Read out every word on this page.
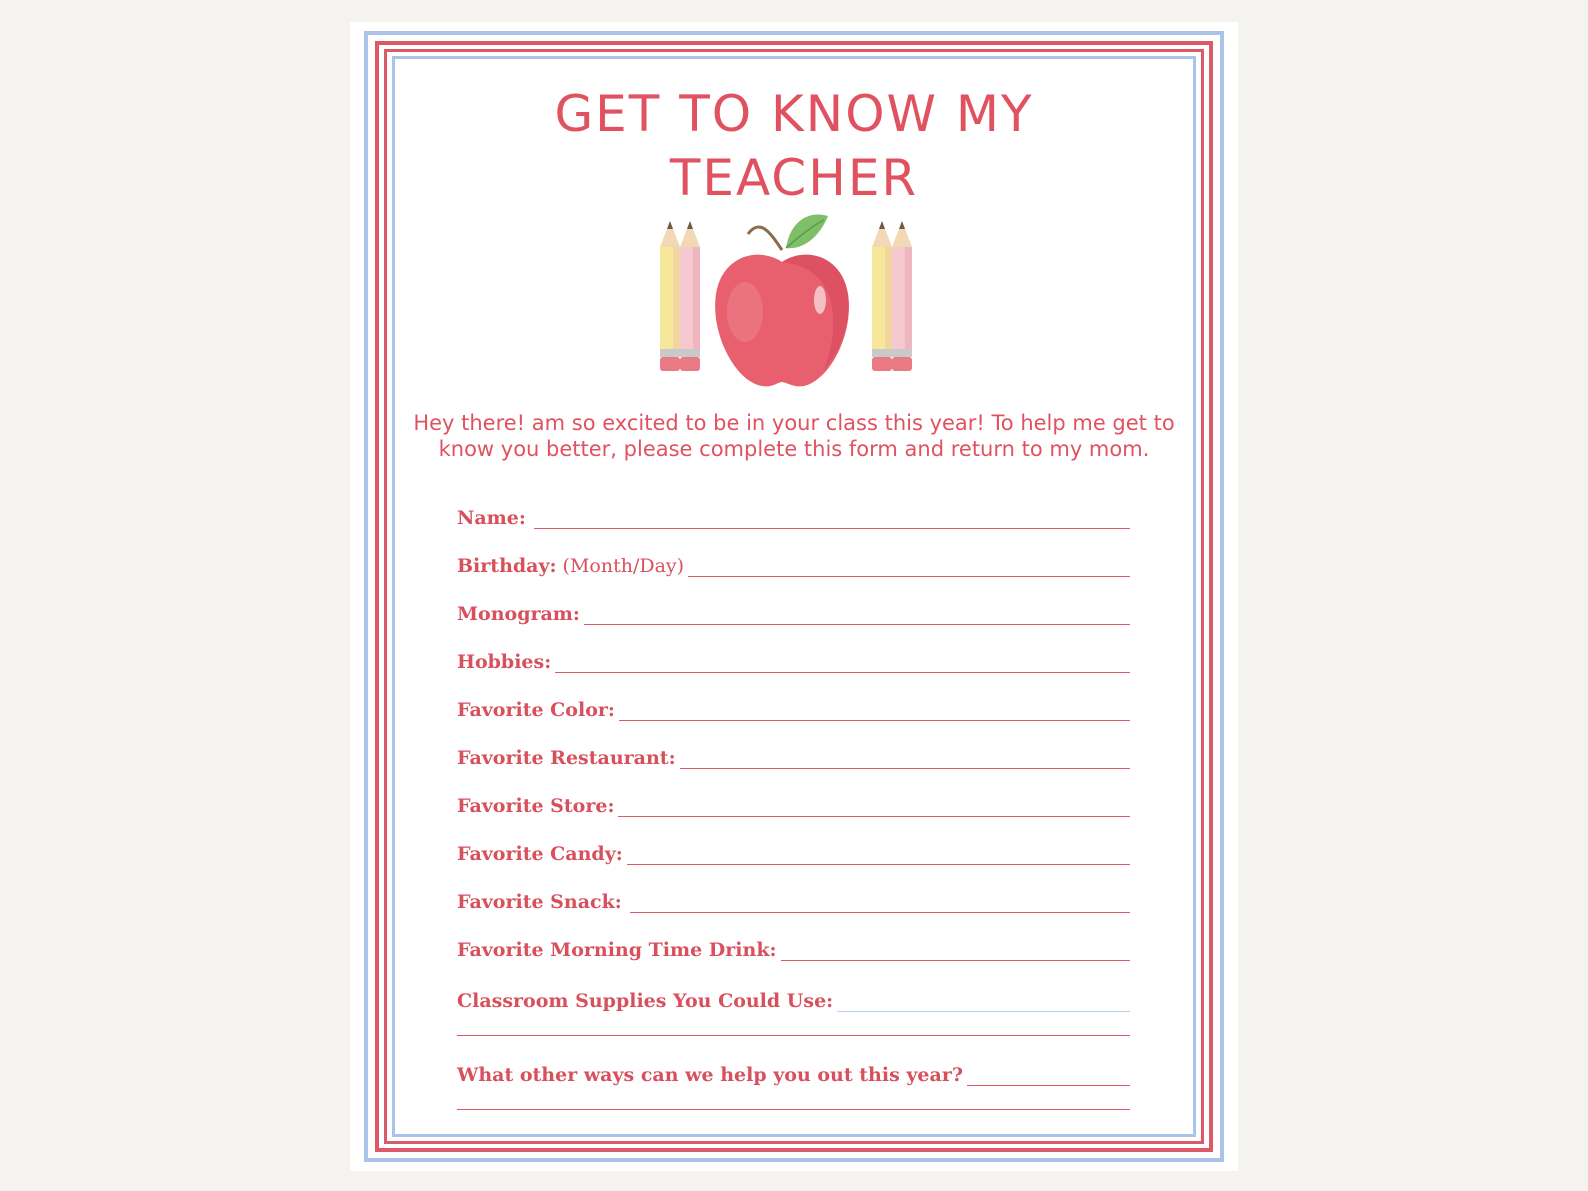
GET TO KNOW MY
TEACHER
Hey there! am so excited to be in your class this year! To help me get to know you better, please complete this form and return to my mom.
Name:
Birthday: (Month/Day)
Monogram:
Hobbies:
Favorite Color:
Favorite Restaurant:
Favorite Store:
Favorite Candy:
Favorite Snack:
Favorite Morning Time Drink:
Classroom Supplies You Could Use:
What other ways can we help you out this year?
